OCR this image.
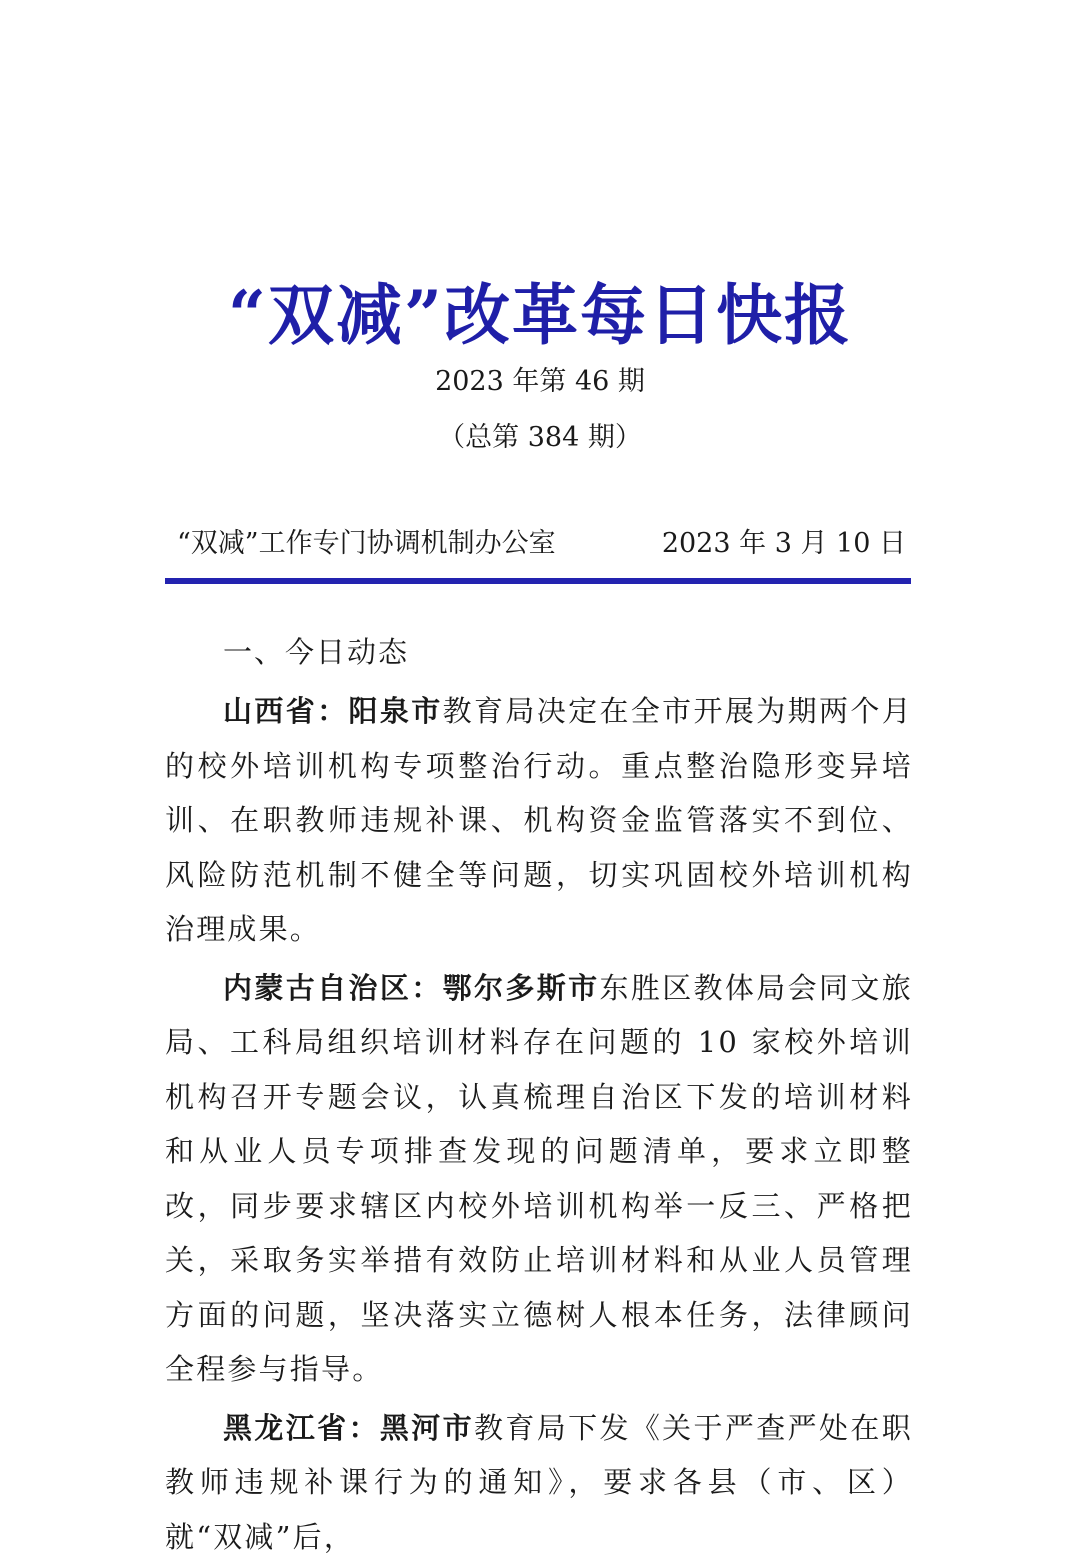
“双减”改革每日快报
2023 年第 46 期
（总第 384 期）
“双减”工作专门协调机制办公室	2023 年 3 月 10 日
一、今日动态

山西省：阳泉市教育局决定在全市开展为期两个月的校外培训机构专项整治行动。重点整治隐形变异培训、在职教师违规补课、机构资金监管落实不到位、风险防范机制不健全等问题，切实巩固校外培训机构治理成果。

内蒙古自治区：鄂尔多斯市东胜区教体局会同文旅局、工科局组织培训材料存在问题的 10 家校外培训机构召开专题会议，认真梳理自治区下发的培训材料和从业人员专项排查发现的问题清单，要求立即整改，同步要求辖区内校外培训机构举一反三、严格把关，采取务实举措有效防止培训材料和从业人员管理方面的问题，坚决落实立德树人根本任务，法律顾问全程参与指导。

黑龙江省：黑河市教育局下发《关于严查严处在职教师违规补课行为的通知》，要求各县（市、区）就“双减”后，
